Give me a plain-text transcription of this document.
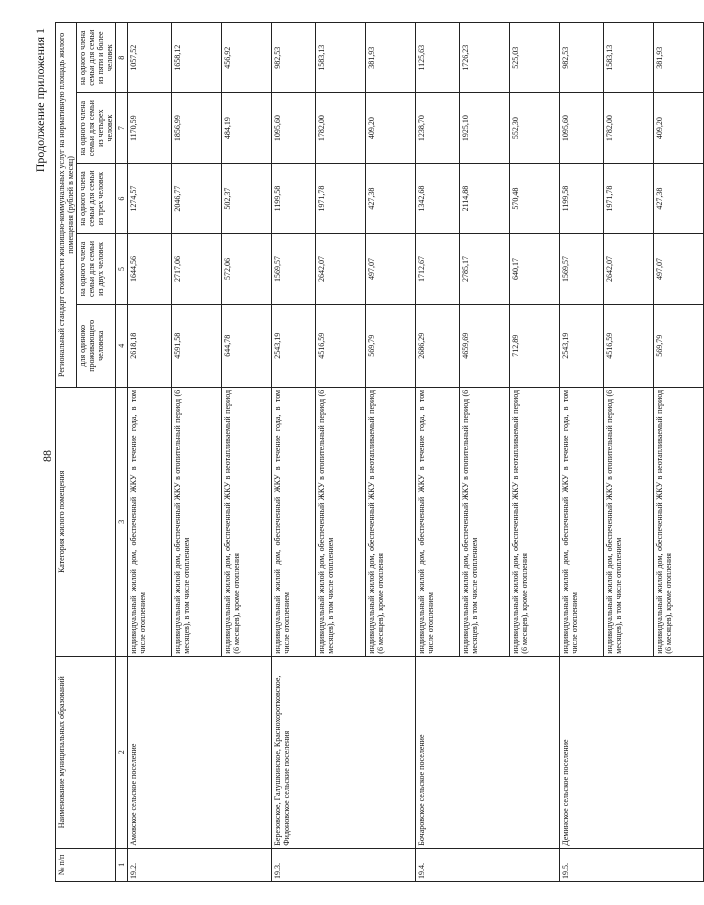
88
Продолжение приложения 1
№ п/п	Наименование муниципальных образований	Категория жилого помещения	Региональный стандарт стоимости жилищно-коммунальных услуг на нормативную площадь жилого помещения (рублей в месяц)				
			для одиноко проживающего человека	на одного члена семьи для семьи из двух человек	на одного члена семьи для семьи из трех человек	на одного члена семьи для семьи из четырех человек	на одного члена семьи для семьи из пяти и более человек
1	2	3	4	5	6	7	8
19.2.	Амовское сельское поселение	индивидуальный жилой дом, обеспеченный ЖКУ в течение года, в том числе отоплением	2618,18	1644,56	1274,57	1170,59	1057,52
		индивидуальный жилой дом, обеспеченный ЖКУ в отопительный период (6 месяцев), в том числе отоплением	4591,58	2717,06	2046,77	1856,99	1658,12
		индивидуальный жилой дом, обеспеченный ЖКУ в неотапливаемый период (6 месяцев), кроме отопления	644,78	572,06	502,37	484,19	456,92
19.3.	Березовское, Галушкинское, Краснохоротковское, Фидоновское сельские поселения	индивидуальный жилой дом, обеспеченный ЖКУ в течение года, в том числе отоплением	2543,19	1569,57	1199,58	1095,60	982,53
		индивидуальный жилой дом, обеспеченный ЖКУ в отопительный период (6 месяцев), в том числе отоплением	4516,59	2642,07	1971,78	1782,00	1583,13
		индивидуальный жилой дом, обеспеченный ЖКУ в неотапливаемый период (6 месяцев), кроме отопления	569,79	497,07	427,38	409,20	381,93
19.4.	Бочаровское сельское поселение	индивидуальный жилой дом, обеспеченный ЖКУ в течение года, в том числе отоплением	2686,29	1712,67	1342,68	1238,70	1125,63
		индивидуальный жилой дом, обеспеченный ЖКУ в отопительный период (6 месяцев), в том числе отоплением	4659,69	2785,17	2114,88	1925,10	1726,23
		индивидуальный жилой дом, обеспеченный ЖКУ в неотапливаемый период (6 месяцев), кроме отопления	712,89	640,17	570,48	552,30	525,03
19.5.	Деминское сельское поселение	индивидуальный жилой дом, обеспеченный ЖКУ в течение года, в том числе отоплением	2543,19	1569,57	1199,58	1095,60	982,53
		индивидуальный жилой дом, обеспеченный ЖКУ в отопительный период (6 месяцев), в том числе отоплением	4516,59	2642,07	1971,78	1782,00	1583,13
		индивидуальный жилой дом, обеспеченный ЖКУ в неотапливаемый период (6 месяцев), кроме отопления	569,79	497,07	427,38	409,20	381,93
